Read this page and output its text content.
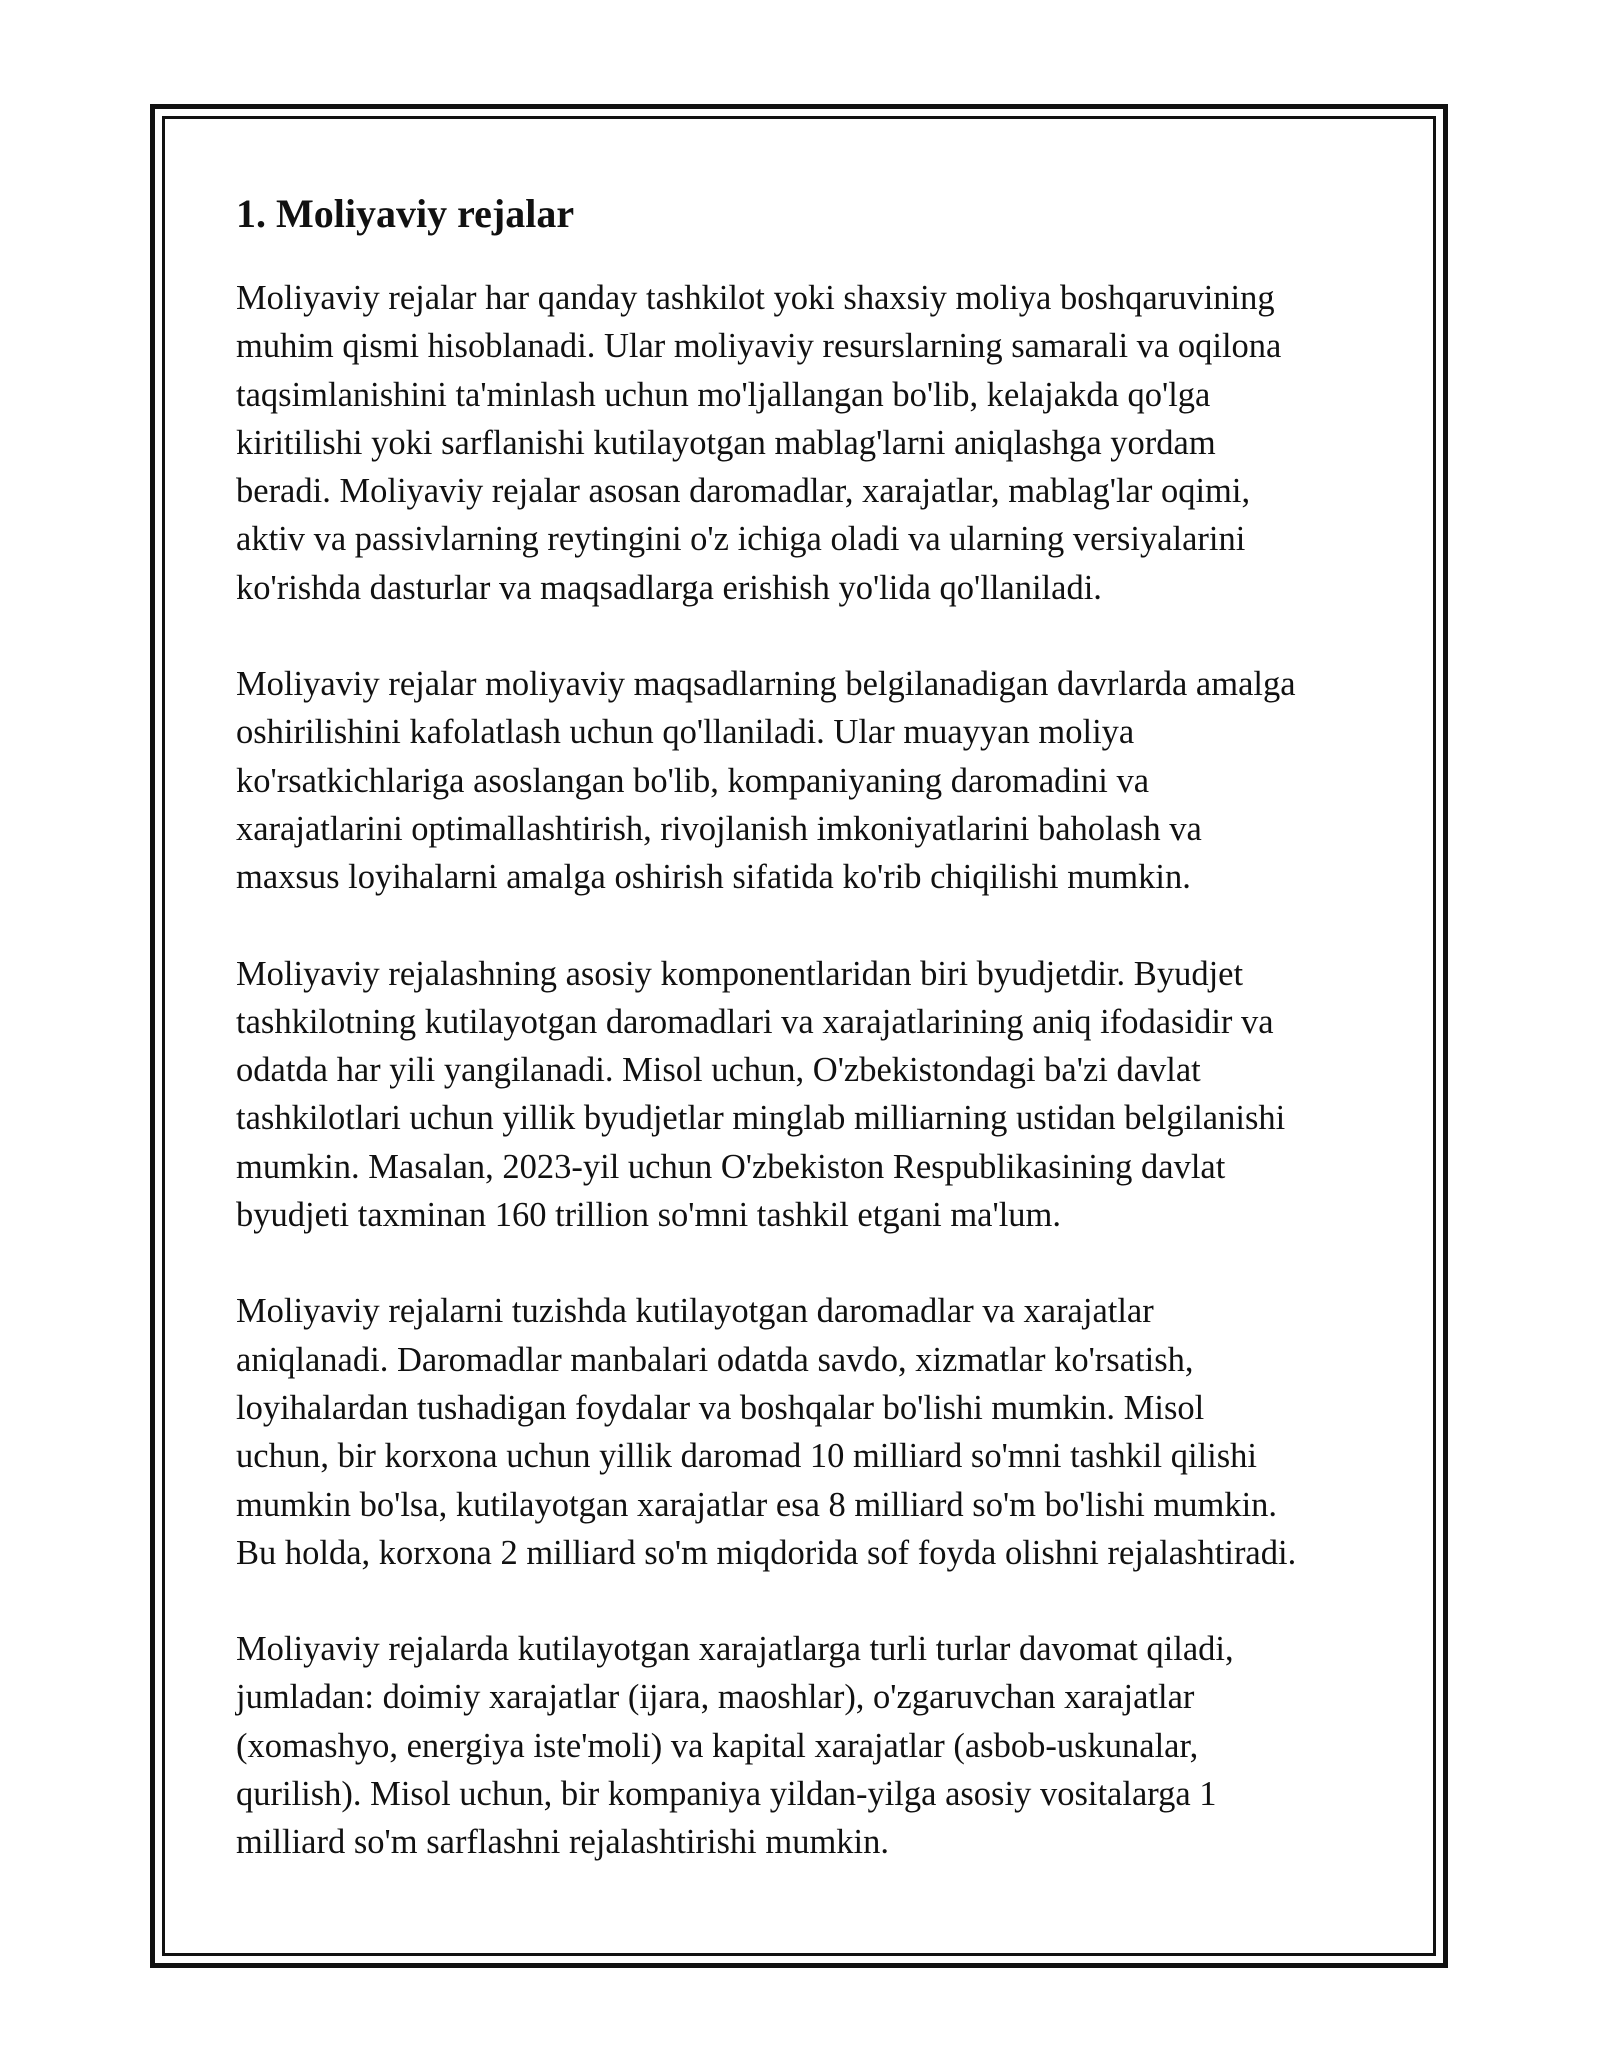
1. Moliyaviy rejalar

Moliyaviy rejalar har qanday tashkilot yoki shaxsiy moliya boshqaruvining
muhim qismi hisoblanadi. Ular moliyaviy resurslarning samarali va oqilona
taqsimlanishini ta'minlash uchun mo'ljallangan bo'lib, kelajakda qo'lga
kiritilishi yoki sarflanishi kutilayotgan mablag'larni aniqlashga yordam
beradi. Moliyaviy rejalar asosan daromadlar, xarajatlar, mablag'lar oqimi,
aktiv va passivlarning reytingini o'z ichiga oladi va ularning versiyalarini
ko'rishda dasturlar va maqsadlarga erishish yo'lida qo'llaniladi.

Moliyaviy rejalar moliyaviy maqsadlarning belgilanadigan davrlarda amalga
oshirilishini kafolatlash uchun qo'llaniladi. Ular muayyan moliya
ko'rsatkichlariga asoslangan bo'lib, kompaniyaning daromadini va
xarajatlarini optimallashtirish, rivojlanish imkoniyatlarini baholash va
maxsus loyihalarni amalga oshirish sifatida ko'rib chiqilishi mumkin.

Moliyaviy rejalashning asosiy komponentlaridan biri byudjetdir. Byudjet
tashkilotning kutilayotgan daromadlari va xarajatlarining aniq ifodasidir va
odatda har yili yangilanadi. Misol uchun, O'zbekistondagi ba'zi davlat
tashkilotlari uchun yillik byudjetlar minglab milliarning ustidan belgilanishi
mumkin. Masalan, 2023-yil uchun O'zbekiston Respublikasining davlat
byudjeti taxminan 160 trillion so'mni tashkil etgani ma'lum.

Moliyaviy rejalarni tuzishda kutilayotgan daromadlar va xarajatlar
aniqlanadi. Daromadlar manbalari odatda savdo, xizmatlar ko'rsatish,
loyihalardan tushadigan foydalar va boshqalar bo'lishi mumkin. Misol
uchun, bir korxona uchun yillik daromad 10 milliard so'mni tashkil qilishi
mumkin bo'lsa, kutilayotgan xarajatlar esa 8 milliard so'm bo'lishi mumkin.
Bu holda, korxona 2 milliard so'm miqdorida sof foyda olishni rejalashtiradi.

Moliyaviy rejalarda kutilayotgan xarajatlarga turli turlar davomat qiladi,
jumladan: doimiy xarajatlar (ijara, maoshlar), o'zgaruvchan xarajatlar
(xomashyo, energiya iste'moli) va kapital xarajatlar (asbob-uskunalar,
qurilish). Misol uchun, bir kompaniya yildan-yilga asosiy vositalarga 1
milliard so'm sarflashni rejalashtirishi mumkin.
